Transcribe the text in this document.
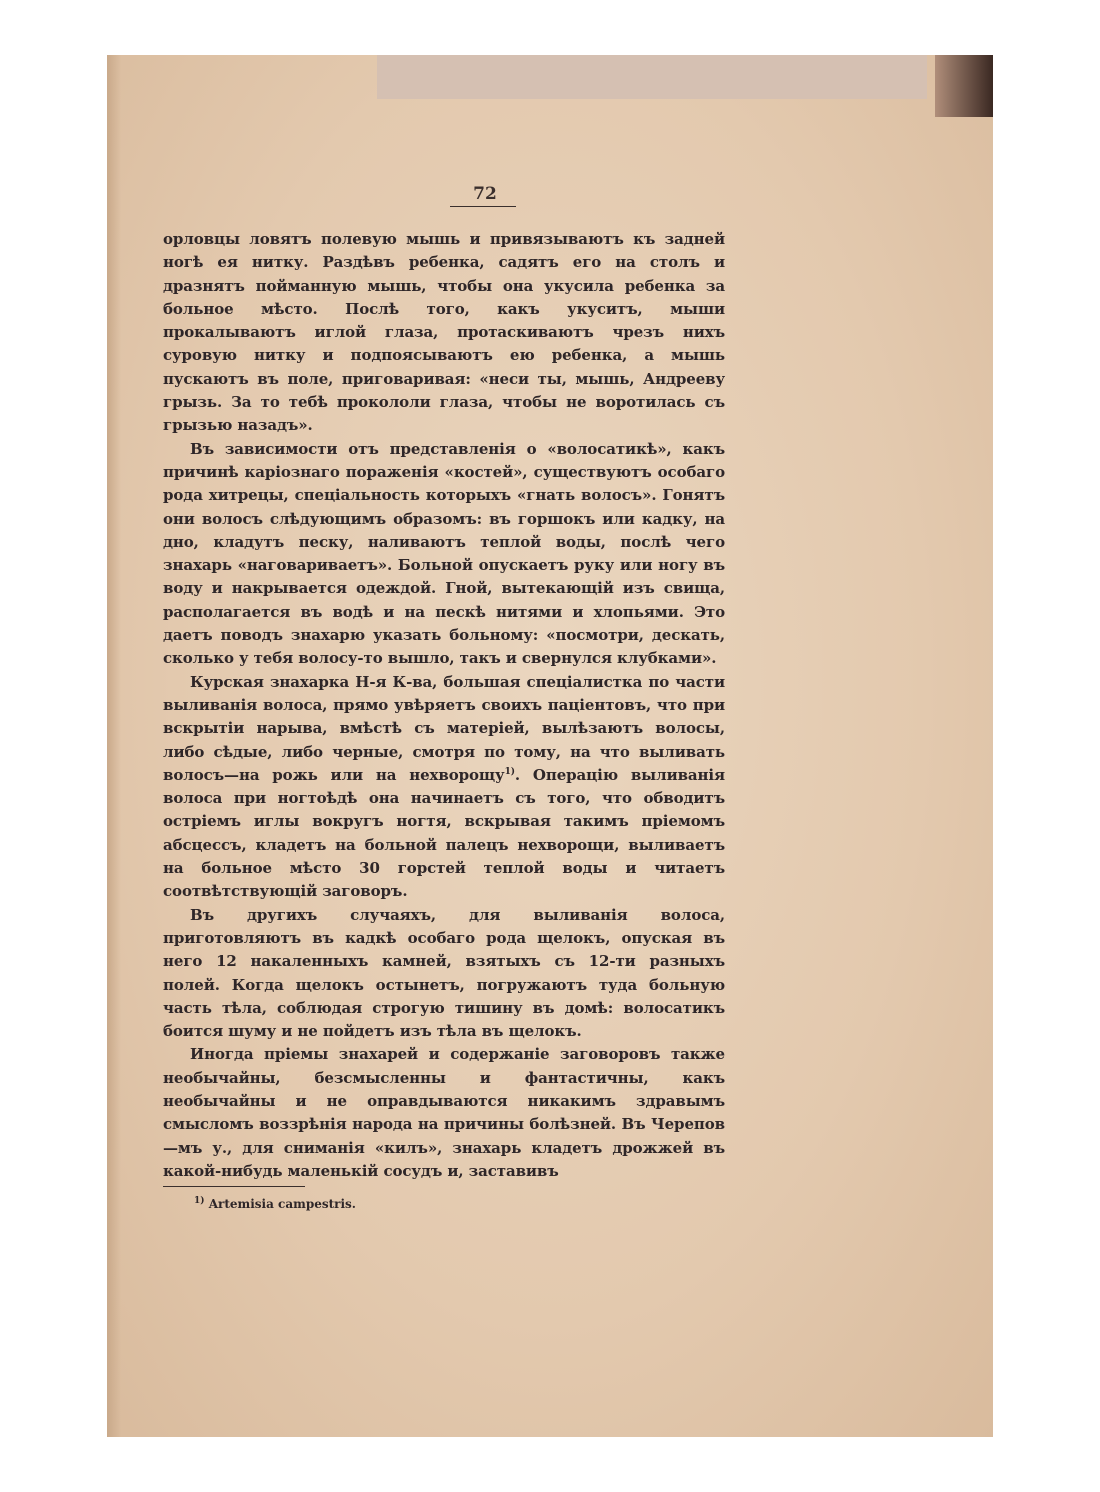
72

орловцы ловятъ полевую мышь и привязываютъ къ задней ногѣ ея нитку. Раздѣвъ ребенка, садятъ его на столъ и дразнятъ пойманную мышь, чтобы она укусила ребенка за больное мѣсто. Послѣ того, какъ укуситъ, мыши прокалываютъ иглой глаза, протаскиваютъ чрезъ нихъ суровую нитку и подпоясываютъ ею ребенка, а мышь пускаютъ въ поле, приговаривая: «неси ты, мышь, Андрееву грызь. За то тебѣ прокололи глаза, чтобы не воротилась съ грызью назадъ».

Въ зависимости отъ представленія о «волосатикѣ», какъ причинѣ каріознаго пораженія «костей», существуютъ особаго рода хитрецы, спеціальность которыхъ «гнать волосъ». Гонятъ они волосъ слѣдующимъ образомъ: въ горшокъ или кадку, на дно, кладутъ песку, наливаютъ теплой воды, послѣ чего знахарь «наговариваетъ». Больной опускаетъ руку или ногу въ воду и накрывается одеждой. Гной, вытекающій изъ свища, располагается въ водѣ и на пескѣ нитями и хлопьями. Это даетъ поводъ знахарю указать больному: «посмотри, дескать, сколько у тебя волосу-то вышло, такъ и свернулся клубками».

Курская знахарка Н-я К-ва, большая спеціалистка по части выливанія волоса, прямо увѣряетъ своихъ паціентовъ, что при вскрытіи нарыва, вмѣстѣ съ матеріей, вылѣзаютъ волосы, либо сѣдые, либо черные, смотря по тому, на что выливать волосъ—на рожь или на нехворощу$^{1)}$. Операцію выливанія волоса при ногтоѣдѣ она начинаетъ съ того, что обводитъ остріемъ иглы вокругъ ногтя, вскрывая такимъ пріемомъ абсцессъ, кладетъ на больной палецъ нехворощи, выливаетъ на больное мѣсто 30 горстей теплой воды и читаетъ соотвѣтствующій заговоръ.

Въ другихъ случаяхъ, для выливанія волоса, приготовляютъ въ кадкѣ особаго рода щелокъ, опуская въ него 12 накаленныхъ камней, взятыхъ съ 12-ти разныхъ полей. Когда щелокъ остынетъ, погружаютъ туда больную часть тѣла, соблюдая строгую тишину въ домѣ: волосатикъ боится шуму и не пойдетъ изъ тѣла въ щелокъ.

Иногда пріемы знахарей и содержаніе заговоровъ также необычайны, безсмысленны и фантастичны, какъ необычайны и не оправдываются никакимъ здравымъ смысломъ воззрѣнія народа на причины болѣзней. Въ Черепов—мъ у., для сниманія «килъ», знахарь кладетъ дрожжей въ какой-нибудь маленькій сосудъ и, заставивъ

$^{1)}$ Artemisia campestris.
